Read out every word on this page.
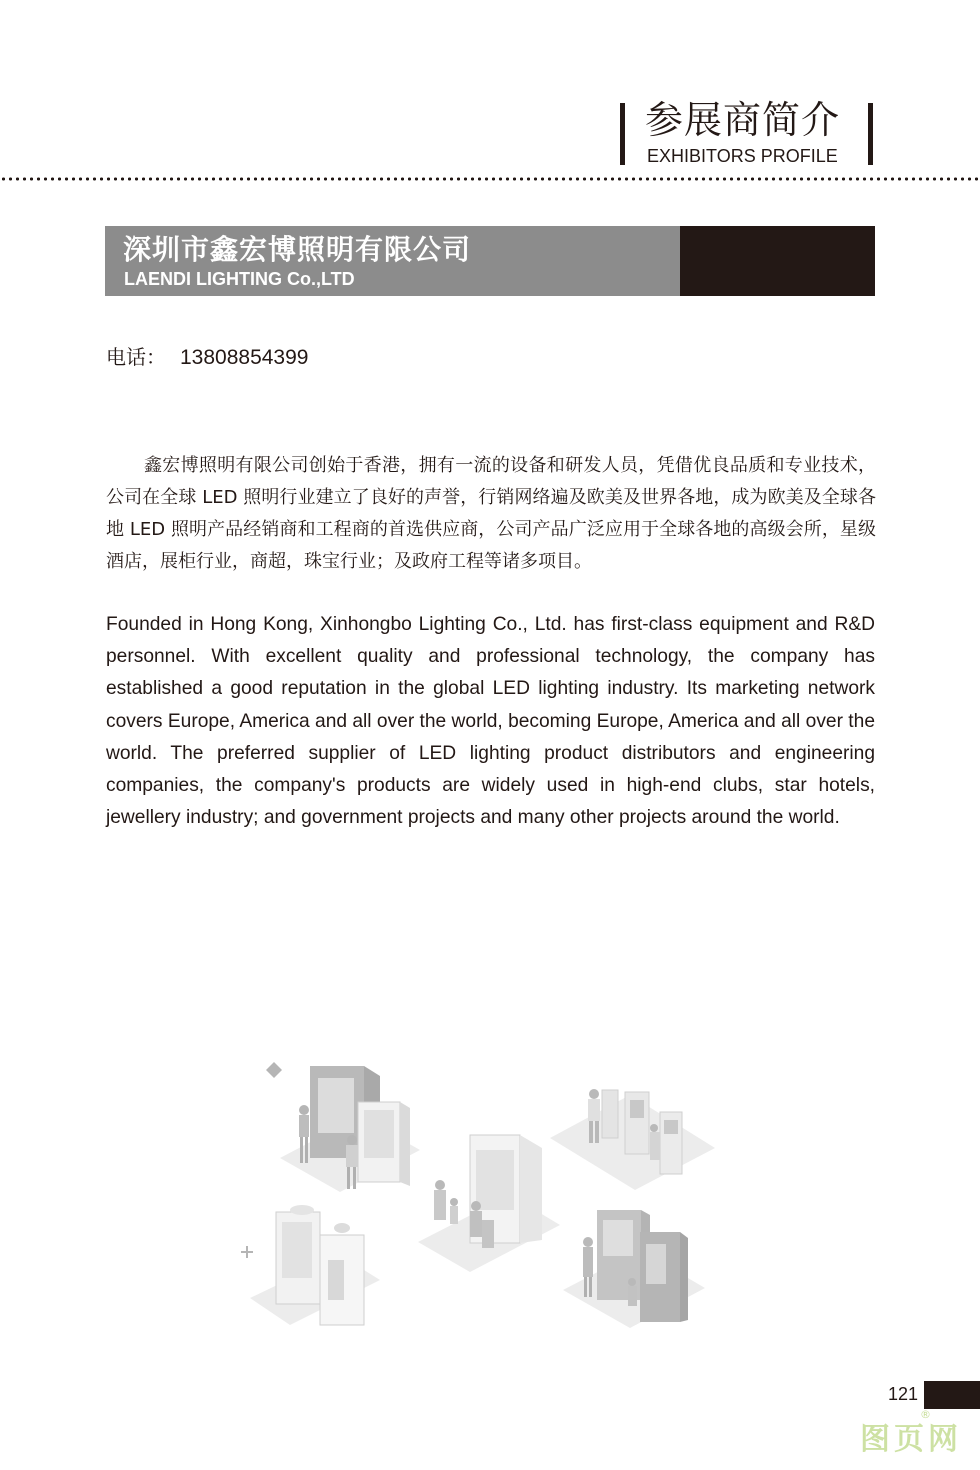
参展商简介
EXHIBITORS PROFILE
深圳市鑫宏博照明有限公司
LAENDI LIGHTING Co.,LTD
电话： 13808854399

鑫宏博照明有限公司创始于香港，拥有一流的设备和研发人员，凭借优良品质和专业技术，公司在全球 LED 照明行业建立了良好的声誉，行销网络遍及欧美及世界各地，成为欧美及全球各地 LED 照明产品经销商和工程商的首选供应商，公司产品广泛应用于全球各地的高级会所，星级酒店，展柜行业，商超，珠宝行业；及政府工程等诸多项目。

Founded in Hong Kong, Xinhongbo Lighting Co., Ltd. has first-class equipment and R&D personnel. With excellent quality and professional technology, the company has established a good reputation in the global LED lighting industry. Its marketing network covers Europe, America and all over the world, becoming Europe, America and all over the world. The preferred supplier of LED lighting product distributors and engineering companies, the company's products are widely used in high-end clubs, star hotels, jewellery industry; and government projects and many other projects around the world.

121
®
图页网
